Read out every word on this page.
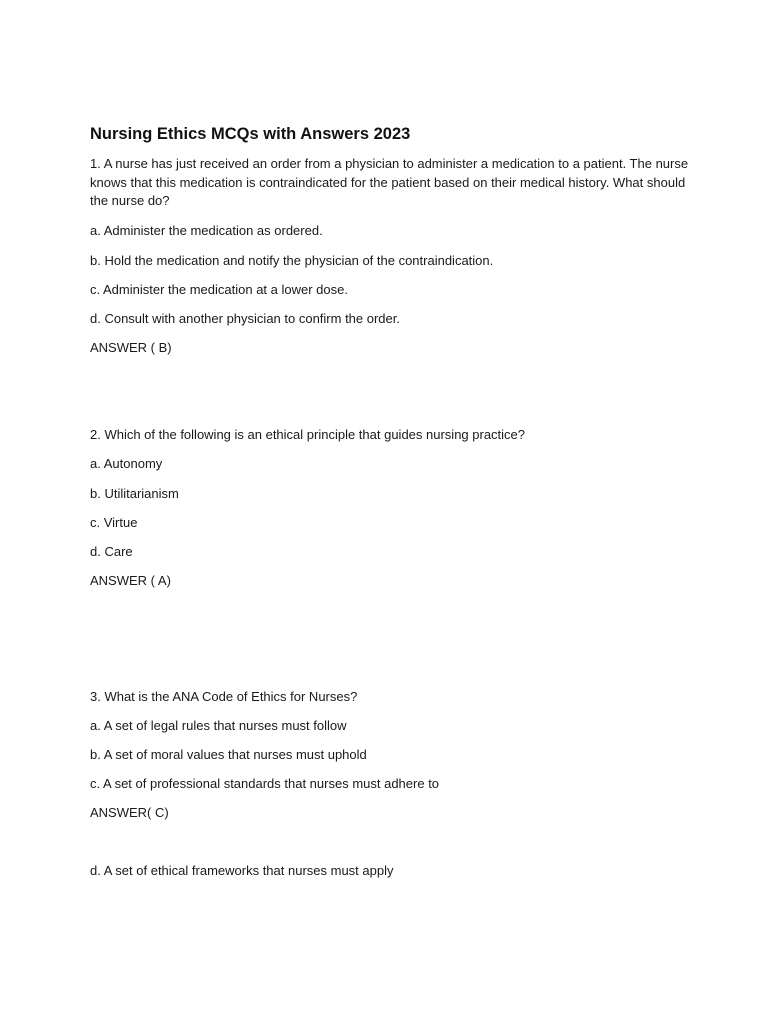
Nursing Ethics MCQs with Answers 2023
1. A nurse has just received an order from a physician to administer a medication to a patient. The nurse knows that this medication is contraindicated for the patient based on their medical history. What should the nurse do?
a. Administer the medication as ordered.
b. Hold the medication and notify the physician of the contraindication.
c. Administer the medication at a lower dose.
d. Consult with another physician to confirm the order.
ANSWER ( B)
2. Which of the following is an ethical principle that guides nursing practice?
a. Autonomy
b. Utilitarianism
c. Virtue
d. Care
ANSWER ( A)
3. What is the ANA Code of Ethics for Nurses?
a. A set of legal rules that nurses must follow
b. A set of moral values that nurses must uphold
c. A set of professional standards that nurses must adhere to
ANSWER( C)
d. A set of ethical frameworks that nurses must apply
